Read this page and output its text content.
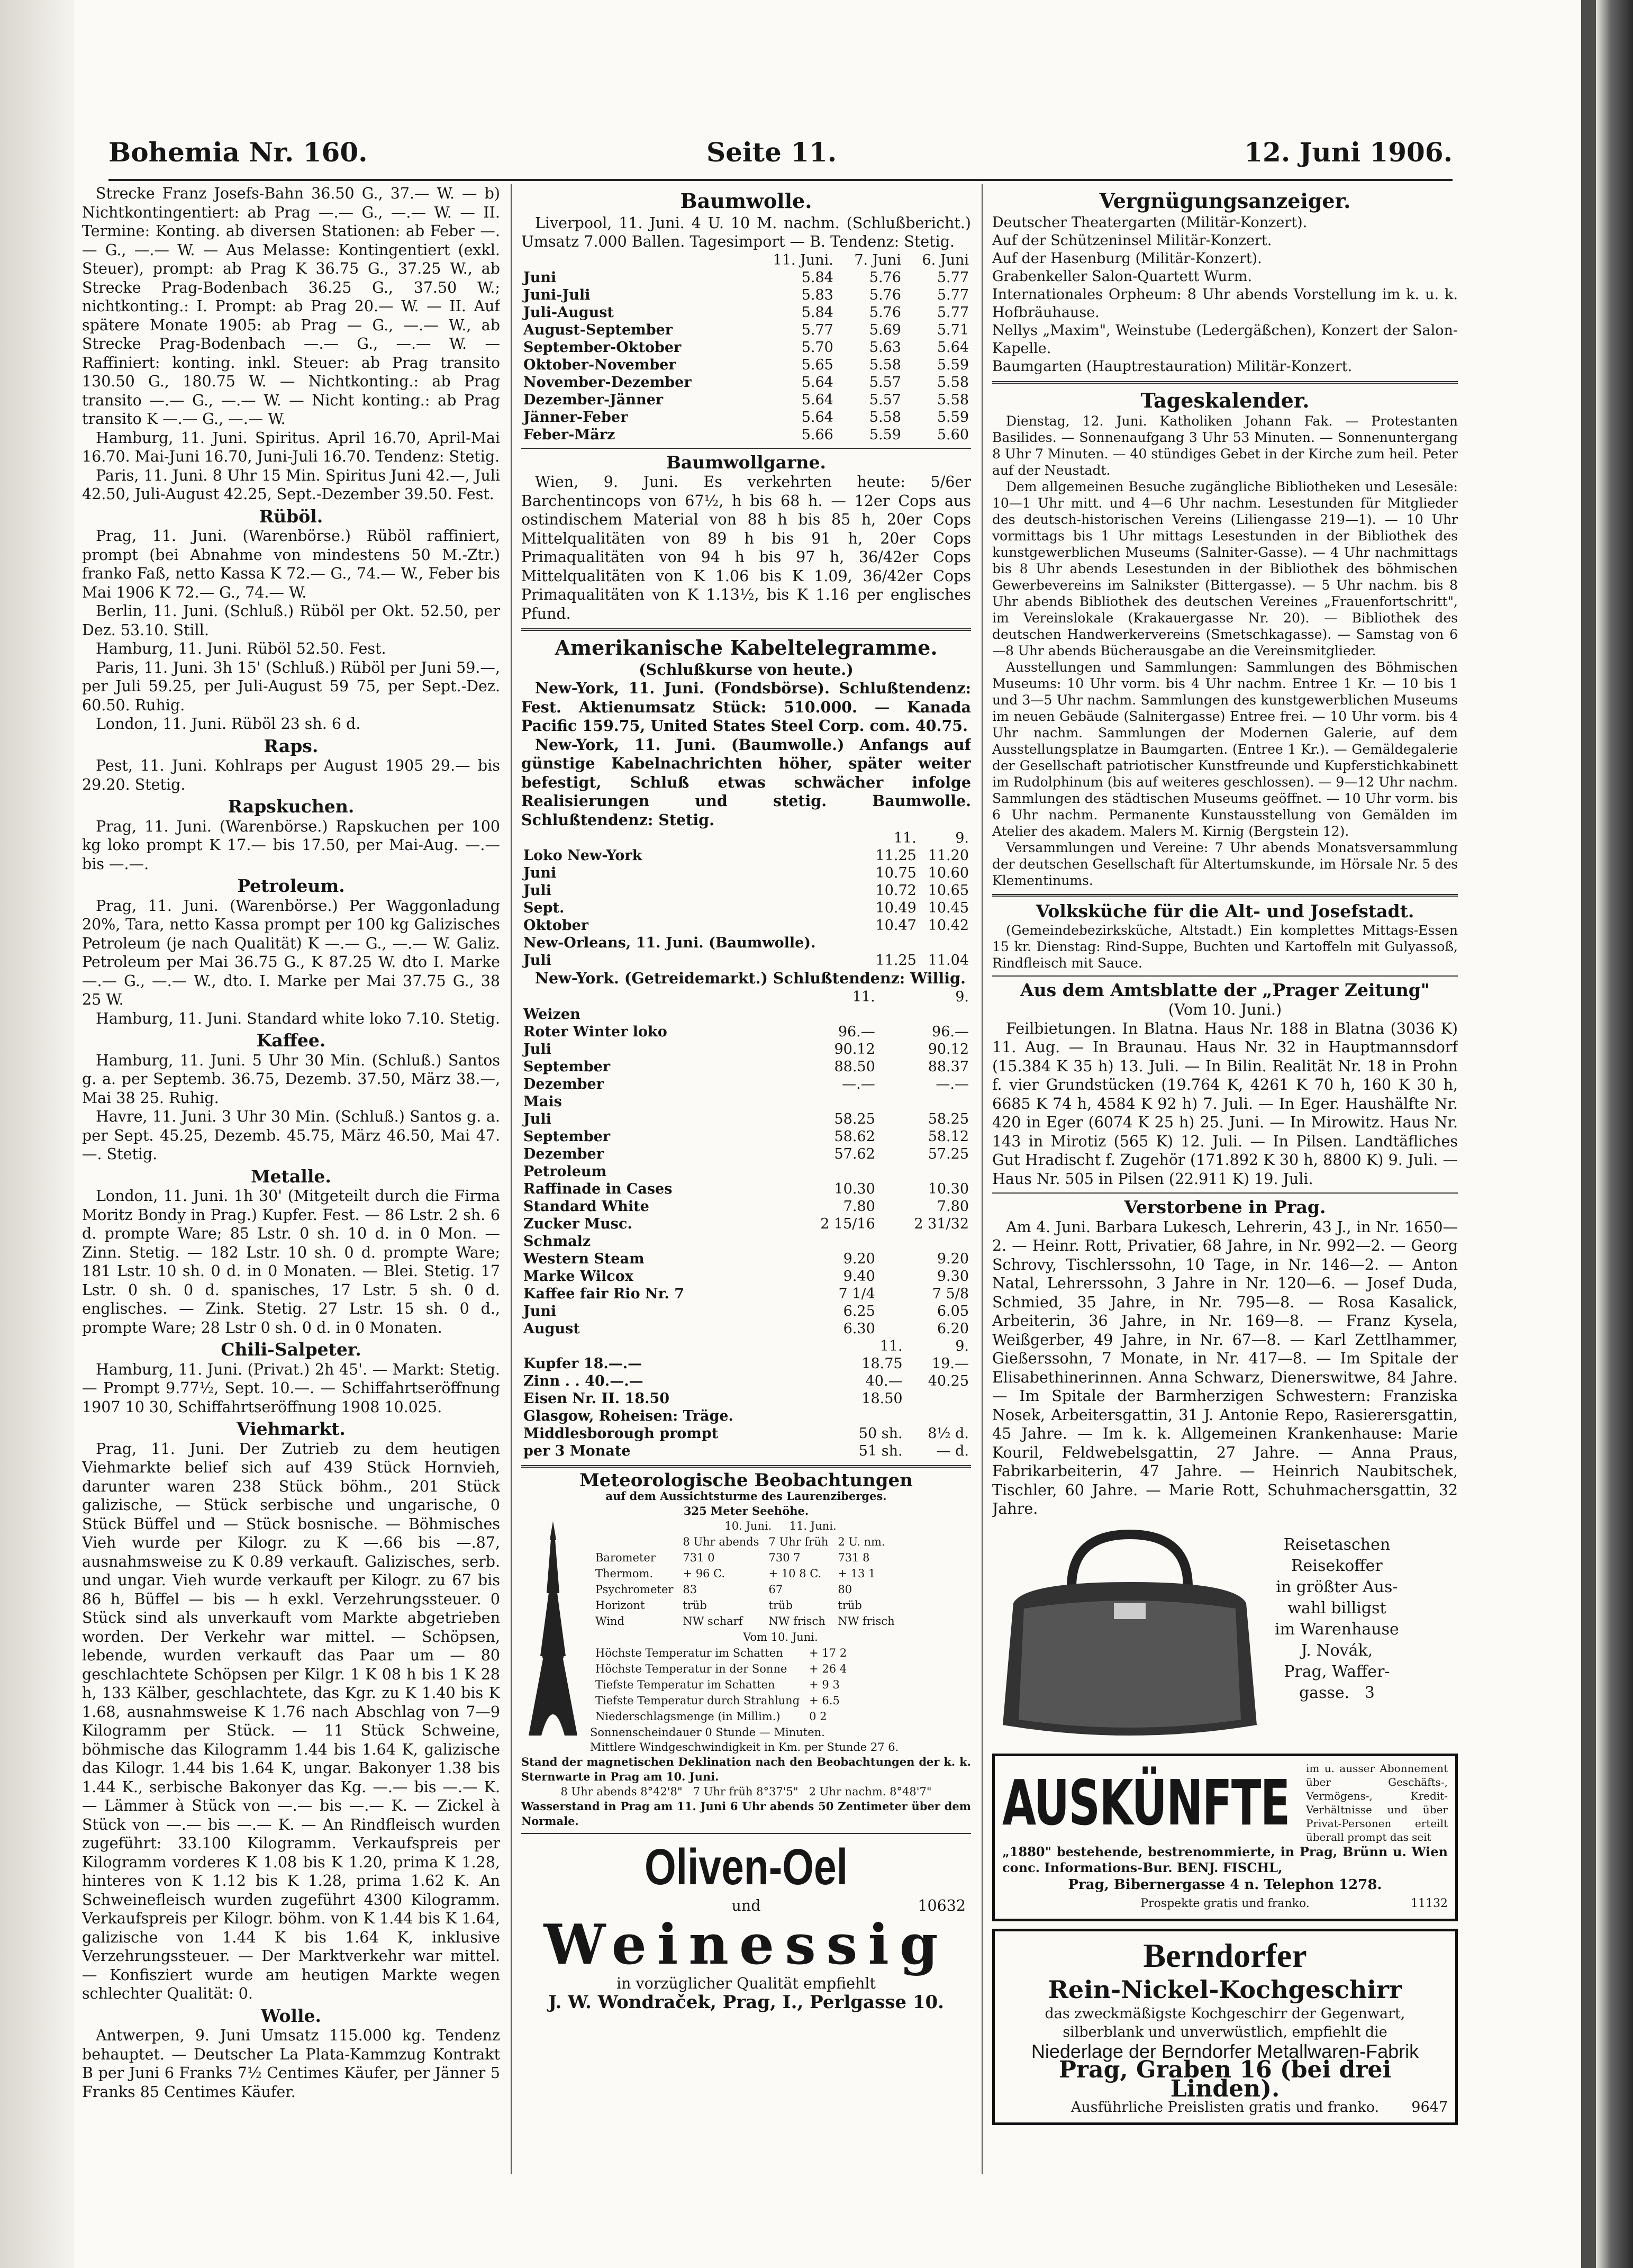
Bohemia Nr. 160.	Seite 11.	12. Juni 1906.

Strecke Franz Josefs-Bahn 36.50 G., 37.— W. — b) Nichtkontingentiert: ab Prag —.— G., —.— W. — II. Termine: Konting. ab diversen Stationen: ab Feber —.— G., —.— W. — Aus Melasse: Kontingentiert (exkl. Steuer), prompt: ab Prag K 36.75 G., 37.25 W., ab Strecke Prag-Bodenbach 36.25 G., 37.50 W.; nichtkonting.: I. Prompt: ab Prag 20.— W. — II. Auf spätere Monate 1905: ab Prag — G., —.— W., ab Strecke Prag-Bodenbach —.— G., —.— W. — Raffiniert: konting. inkl. Steuer: ab Prag transito 130.50 G., 180.75 W. — Nichtkonting.: ab Prag transito —.— G., —.— W. — Nicht konting.: ab Prag transito K —.— G., —.— W.

Hamburg, 11. Juni. Spiritus. April 16.70, April-Mai 16.70. Mai-Juni 16.70, Juni-Juli 16.70. Tendenz: Stetig.

Paris, 11. Juni. 8 Uhr 15 Min. Spiritus Juni 42.—, Juli 42.50, Juli-August 42.25, Sept.-Dezember 39.50. Fest.

Rüböl.

Prag, 11. Juni. (Warenbörse.) Rüböl raffiniert, prompt (bei Abnahme von mindestens 50 M.-Ztr.) franko Faß, netto Kassa K 72.— G., 74.— W., Feber bis Mai 1906 K 72.— G., 74.— W.

Berlin, 11. Juni. (Schluß.) Rüböl per Okt. 52.50, per Dez. 53.10. Still.

Hamburg, 11. Juni. Rüböl 52.50. Fest.

Paris, 11. Juni. 3h 15' (Schluß.) Rüböl per Juni 59.—, per Juli 59.25, per Juli-August 59 75, per Sept.-Dez. 60.50. Ruhig.

London, 11. Juni. Rüböl 23 sh. 6 d.

Raps.

Pest, 11. Juni. Kohlraps per August 1905 29.— bis 29.20. Stetig.

Rapskuchen.

Prag, 11. Juni. (Warenbörse.) Rapskuchen per 100 kg loko prompt K 17.— bis 17.50, per Mai-Aug. —.— bis —.—.

Petroleum.

Prag, 11. Juni. (Warenbörse.) Per Waggonladung 20%, Tara, netto Kassa prompt per 100 kg Galizisches Petroleum (je nach Qualität) K —.— G., —.— W. Galiz. Petroleum per Mai 36.75 G., K 87.25 W. dto I. Marke —.— G., —.— W., dto. I. Marke per Mai 37.75 G., 38 25 W.

Hamburg, 11. Juni. Standard white loko 7.10. Stetig.

Kaffee.

Hamburg, 11. Juni. 5 Uhr 30 Min. (Schluß.) Santos g. a. per Septemb. 36.75, Dezemb. 37.50, März 38.—, Mai 38 25. Ruhig.

Havre, 11. Juni. 3 Uhr 30 Min. (Schluß.) Santos g. a. per Sept. 45.25, Dezemb. 45.75, März 46.50, Mai 47.—. Stetig.

Metalle.

London, 11. Juni. 1h 30' (Mitgeteilt durch die Firma Moritz Bondy in Prag.) Kupfer. Fest. — 86 Lstr. 2 sh. 6 d. prompte Ware; 85 Lstr. 0 sh. 10 d. in 0 Mon. — Zinn. Stetig. — 182 Lstr. 10 sh. 0 d. prompte Ware; 181 Lstr. 10 sh. 0 d. in 0 Monaten. — Blei. Stetig. 17 Lstr. 0 sh. 0 d. spanisches, 17 Lstr. 5 sh. 0 d. englisches. — Zink. Stetig. 27 Lstr. 15 sh. 0 d., prompte Ware; 28 Lstr 0 sh. 0 d. in 0 Monaten.

Chili-Salpeter.

Hamburg, 11. Juni. (Privat.) 2h 45'. — Markt: Stetig. — Prompt 9.77½, Sept. 10.—. — Schiffahrtseröffnung 1907 10 30, Schiffahrtseröffnung 1908 10.025.

Viehmarkt.

Prag, 11. Juni. Der Zutrieb zu dem heutigen Viehmarkte belief sich auf 439 Stück Hornvieh, darunter waren 238 Stück böhm., 201 Stück galizische, — Stück serbische und ungarische, 0 Stück Büffel und — Stück bosnische. — Böhmisches Vieh wurde per Kilogr. zu K —.66 bis —.87, ausnahmsweise zu K 0.89 verkauft. Galizisches, serb. und ungar. Vieh wurde verkauft per Kilogr. zu 67 bis 86 h, Büffel — bis — h exkl. Verzehrungssteuer. 0 Stück sind als unverkauft vom Markte abgetrieben worden. Der Verkehr war mittel. — Schöpsen, lebende, wurden verkauft das Paar um — 80 geschlachtete Schöpsen per Kilgr. 1 K 08 h bis 1 K 28 h, 133 Kälber, geschlachtete, das Kgr. zu K 1.40 bis K 1.68, ausnahmsweise K 1.76 nach Abschlag von 7—9 Kilogramm per Stück. — 11 Stück Schweine, böhmische das Kilogramm 1.44 bis 1.64 K, galizische das Kilogr. 1.44 bis 1.64 K, ungar. Bakonyer 1.38 bis 1.44 K., serbische Bakonyer das Kg. —.— bis —.— K. — Lämmer à Stück von —.— bis —.— K. — Zickel à Stück von —.— bis —.— K. — An Rindfleisch wurden zugeführt: 33.100 Kilogramm. Verkaufspreis per Kilogramm vorderes K 1.08 bis K 1.20, prima K 1.28, hinteres von K 1.12 bis K 1.28, prima 1.62 K. An Schweinefleisch wurden zugeführt 4300 Kilogramm. Verkaufspreis per Kilogr. böhm. von K 1.44 bis K 1.64, galizische von 1.44 K bis 1.64 K, inklusive Verzehrungssteuer. — Der Marktverkehr war mittel. — Konfisziert wurde am heutigen Markte wegen schlechter Qualität: 0.

Wolle.

Antwerpen, 9. Juni Umsatz 115.000 kg. Tendenz behauptet. — Deutscher La Plata-Kammzug Kontrakt B per Juni 6 Franks 7½ Centimes Käufer, per Jänner 5 Franks 85 Centimes Käufer.

Baumwolle.

Liverpool, 11. Juni. 4 U. 10 M. nachm. (Schlußbericht.) Umsatz 7.000 Ballen. Tagesimport — B. Tendenz: Stetig.

	11. Juni.	7. Juni	6. Juni
Juni	5.84	5.76	5.77
Juni-Juli	5.83	5.76	5.77
Juli-August	5.84	5.76	5.77
August-September	5.77	5.69	5.71
September-Oktober	5.70	5.63	5.64
Oktober-November	5.65	5.58	5.59
November-Dezember	5.64	5.57	5.58
Dezember-Jänner	5.64	5.57	5.58
Jänner-Feber	5.64	5.58	5.59
Feber-März	5.66	5.59	5.60
Baumwollgarne.

Wien, 9. Juni. Es verkehrten heute: 5/6er Barchentincops von 67½, h bis 68 h. — 12er Cops aus ostindischem Material von 88 h bis 85 h, 20er Cops Mittelqualitäten von 89 h bis 91 h, 20er Cops Primaqualitäten von 94 h bis 97 h, 36/42er Cops Mittelqualitäten von K 1.06 bis K 1.09, 36/42er Cops Primaqualitäten von K 1.13½, bis K 1.16 per englisches Pfund.

Amerikanische Kabeltelegramme.
(Schlußkurse von heute.)

New-York, 11. Juni. (Fondsbörse). Schlußtendenz: Fest. Aktienumsatz Stück: 510.000. — Kanada Pacific 159.75, United States Steel Corp. com. 40.75.

New-York, 11. Juni. (Baumwolle.) Anfangs auf günstige Kabelnachrichten höher, später weiter befestigt, Schluß etwas schwächer infolge Realisierungen und stetig. Baumwolle. Schlußtendenz: Stetig.

	11.	9.
Loko New-York	11.25	11.20
Juni	10.75	10.60
Juli	10.72	10.65
Sept.	10.49	10.45
Oktober	10.47	10.42
New-Orleans, 11. Juni. (Baumwolle).		
Juli	11.25	11.04

New-York. (Getreidemarkt.) Schlußtendenz: Willig.

	11.	9.
Weizen		
Roter Winter loko	96.—	96.—
Juli	90.12	90.12
September	88.50	88.37
Dezember	—.—	—.—
Mais		
Juli	58.25	58.25
September	58.62	58.12
Dezember	57.62	57.25
Petroleum		
Raffinade in Cases	10.30	10.30
Standard White	7.80	7.80
Zucker Musc.	2 15/16	2 31/32
Schmalz		
Western Steam	9.20	9.20
Marke Wilcox	9.40	9.30
Kaffee fair Rio Nr. 7	7 1/4	7 5/8
Juni	6.25	6.05
August	6.30	6.20
	11.	9.
Kupfer 18.—.—	18.75	19.—
Zinn . . 40.—.—	40.—	40.25
Eisen Nr. II. 18.50	18.50	
Glasgow, Roheisen: Träge.		
Middlesborough prompt	50 sh.	8½ d.
per 3 Monate	51 sh.	— d.
Meteorologische Beobachtungen
auf dem Aussichtsturme des Laurenziberges.
325 Meter Seehöhe.
10. Juni. 11. Juni.
	8 Uhr abends	7 Uhr früh	2 U. nm.
Barometer	731 0	730 7	731 8
Thermom.	+ 96 C.	+ 10 8 C.	+ 13 1
Psychrometer	83	67	80
Horizont	trüb	trüb	trüb
Wind	NW scharf	NW frisch	NW frisch
Vom 10. Juni.
Höchste Temperatur im Schatten	+ 17 2
Höchste Temperatur in der Sonne	+ 26 4
Tiefste Temperatur im Schatten	+ 9 3
Tiefste Temperatur durch Strahlung	+ 6.5
Niederschlagsmenge (in Millim.)	0 2
Sonnenscheindauer 0 Stunde — Minuten.
Mittlere Windgeschwindigkeit in Km. per Stunde 27 6.
Stand der magnetischen Deklination nach den Beobachtungen der k. k. Sternwarte in Prag am 10. Juni.
8 Uhr abends 8°42'8" 7 Uhr früh 8°37'5" 2 Uhr nachm. 8°48'7"
Wasserstand in Prag am 11. Juni 6 Uhr abends 50 Zentimeter über dem Normale.
Oliven-Oel
und	10632
Weinessig
in vorzüglicher Qualität empfiehlt
J. W. Wondraček, Prag, I., Perlgasse 10.
Vergnügungsanzeiger.
Deutscher Theatergarten (Militär-Konzert).
Auf der Schützeninsel Militär-Konzert.
Auf der Hasenburg (Militär-Konzert).
Grabenkeller Salon-Quartett Wurm.
Internationales Orpheum: 8 Uhr abends Vorstellung im k. u. k. Hofbräuhause.
Nellys „Maxim", Weinstube (Ledergäßchen), Konzert der Salon-Kapelle.
Baumgarten (Hauptrestauration) Militär-Konzert.
Tageskalender.

Dienstag, 12. Juni. Katholiken Johann Fak. — Protestanten Basilides. — Sonnenaufgang 3 Uhr 53 Minuten. — Sonnenuntergang 8 Uhr 7 Minuten. — 40 stündiges Gebet in der Kirche zum heil. Peter auf der Neustadt.

Dem allgemeinen Besuche zugängliche Bibliotheken und Lesesäle: 10—1 Uhr mitt. und 4—6 Uhr nachm. Lesestunden für Mitglieder des deutsch-historischen Vereins (Liliengasse 219—1). — 10 Uhr vormittags bis 1 Uhr mittags Lesestunden in der Bibliothek des kunstgewerblichen Museums (Salniter-Gasse). — 4 Uhr nachmittags bis 8 Uhr abends Lesestunden in der Bibliothek des böhmischen Gewerbevereins im Salnikster (Bittergasse). — 5 Uhr nachm. bis 8 Uhr abends Bibliothek des deutschen Vereines „Frauenfortschritt", im Vereinslokale (Krakauergasse Nr. 20). — Bibliothek des deutschen Handwerkervereins (Smetschkagasse). — Samstag von 6—8 Uhr abends Bücherausgabe an die Vereinsmitglieder.

Ausstellungen und Sammlungen: Sammlungen des Böhmischen Museums: 10 Uhr vorm. bis 4 Uhr nachm. Entree 1 Kr. — 10 bis 1 und 3—5 Uhr nachm. Sammlungen des kunstgewerblichen Museums im neuen Gebäude (Salnitergasse) Entree frei. — 10 Uhr vorm. bis 4 Uhr nachm. Sammlungen der Modernen Galerie, auf dem Ausstellungsplatze in Baumgarten. (Entree 1 Kr.). — Gemäldegalerie der Gesellschaft patriotischer Kunstfreunde und Kupferstichkabinett im Rudolphinum (bis auf weiteres geschlossen). — 9—12 Uhr nachm. Sammlungen des städtischen Museums geöffnet. — 10 Uhr vorm. bis 6 Uhr nachm. Permanente Kunstausstellung von Gemälden im Atelier des akadem. Malers M. Kirnig (Bergstein 12).

Versammlungen und Vereine: 7 Uhr abends Monatsversammlung der deutschen Gesellschaft für Altertumskunde, im Hörsale Nr. 5 des Klementinums.

Volksküche für die Alt- und Josefstadt.

(Gemeindebezirksküche, Altstadt.) Ein komplettes Mittags-Essen 15 kr. Dienstag: Rind-Suppe, Buchten und Kartoffeln mit Gulyassoß, Rindfleisch mit Sauce.

Aus dem Amtsblatte der „Prager Zeitung"
(Vom 10. Juni.)

Feilbietungen. In Blatna. Haus Nr. 188 in Blatna (3036 K) 11. Aug. — In Braunau. Haus Nr. 32 in Hauptmannsdorf (15.384 K 35 h) 13. Juli. — In Bilin. Realität Nr. 18 in Prohn f. vier Grundstücken (19.764 K, 4261 K 70 h, 160 K 30 h, 6685 K 74 h, 4584 K 92 h) 7. Juli. — In Eger. Haushälfte Nr. 420 in Eger (6074 K 25 h) 25. Juni. — In Mirowitz. Haus Nr. 143 in Mirotiz (565 K) 12. Juli. — In Pilsen. Landtäfliches Gut Hradischt f. Zugehör (171.892 K 30 h, 8800 K) 9. Juli. — Haus Nr. 505 in Pilsen (22.911 K) 19. Juli.

Verstorbene in Prag.

Am 4. Juni. Barbara Lukesch, Lehrerin, 43 J., in Nr. 1650—2. — Heinr. Rott, Privatier, 68 Jahre, in Nr. 992—2. — Georg Schrovy, Tischlerssohn, 10 Tage, in Nr. 146—2. — Anton Natal, Lehrerssohn, 3 Jahre in Nr. 120—6. — Josef Duda, Schmied, 35 Jahre, in Nr. 795—8. — Rosa Kasalick, Arbeiterin, 36 Jahre, in Nr. 169—8. — Franz Kysela, Weißgerber, 49 Jahre, in Nr. 67—8. — Karl Zettlhammer, Gießerssohn, 7 Monate, in Nr. 417—8. — Im Spitale der Elisabethinerinnen. Anna Schwarz, Dienerswitwe, 84 Jahre. — Im Spitale der Barmherzigen Schwestern: Franziska Nosek, Arbeitersgattin, 31 J. Antonie Repo, Rasierersgattin, 45 Jahre. — Im k. k. Allgemeinen Krankenhause: Marie Kouril, Feldwebelsgattin, 27 Jahre. — Anna Praus, Fabrikarbeiterin, 47 Jahre. — Heinrich Naubitschek, Tischler, 60 Jahre. — Marie Rott, Schuhmachersgattin, 32 Jahre.

Reisetaschen
Reisekoffer
in größter Aus-
wahl billigst
im Warenhause
J. Novák,
Prag, Waffer-
gasse. 3
AUSKÜNFTE im u. ausser Abonnement über Geschäfts-, Vermögens-, Kredit-Verhältnisse und über Privat-Personen erteilt überall prompt das seit
„1880" bestehende, bestrenommierte, in Prag, Brünn u. Wien conc. Informations-Bur. BENJ. FISCHL,
Prag, Bibernergasse 4 n. Telephon 1278.
Prospekte gratis und franko.	11132
Berndorfer
Rein-Nickel-Kochgeschirr
das zweckmäßigste Kochgeschirr der Gegenwart, silberblank und unverwüstlich, empfiehlt die
Niederlage der Berndorfer Metallwaren-Fabrik
Prag, Graben 16 (bei drei Linden).
Ausführliche Preislisten gratis und franko. 9647
